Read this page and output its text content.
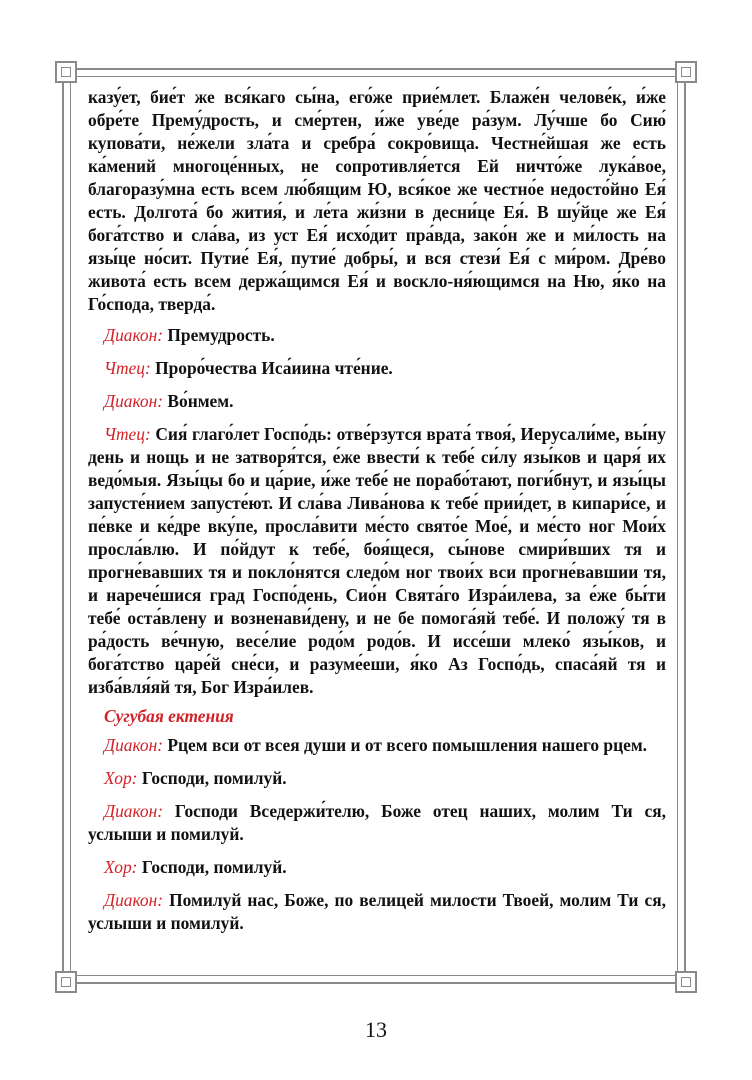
казу́ет, бие́т же вся́каго сы́на, его́же прие́млет. Блаже́н челове́к, и́же обре́те Прему́дрость, и сме́ртен, и́же уве́де ра́зум. Лу́чше бо Сию́ купова́ти, не́жели зла́та и сребра́ сокро́вища. Честне́йшая же есть ка́мений многоце́нных, не сопротивля́ется Ей ничто́же лука́вое, благоразу́мна есть всем лю́бящим Ю, вся́кое же честно́е недосто́йно Ея́ есть. Долгота́ бо жития́, и ле́та жи́зни в десни́це Ея́. В шу́йце же Ея́ бога́тство и сла́ва, из уст Ея́ исхо́дит пра́вда, зако́н же и ми́лость на язы́це но́сит. Путие́ Ея́, путие́ добры́, и вся стези́ Ея́ с ми́ром. Дре́во живота́ есть всем держа́щимся Ея́ и воскло-ня́ющимся на Ню, я́ко на Го́спода, тверда́.

Диакон: Премудрость.

Чтец: Проро́чества Иса́иина чте́ние.

Диакон: Во́нмем.

Чтец: Сия́ глаго́лет Госпо́дь: отве́рзутся врата́ твоя́, Иерусали́ме, вы́ну день и нощь и не затворя́тся, е́же ввести́ к тебе́ си́лу язы́ков и царя́ их ведо́мыя. Язы́цы бо и ца́рие, и́же тебе́ не порабо́тают, поги́бнут, и язы́цы запусте́нием запусте́ют. И сла́ва Лива́нова к тебе́ прии́дет, в кипари́се, и пе́вке и ке́дре вку́пе, просла́вити ме́сто свято́е Мое́, и ме́сто ног Мои́х просла́влю. И по́йдут к тебе́, боя́щеся, сы́нове смири́вших тя и прогне́вавших тя и покло́нятся следо́м ног твои́х вси прогне́вавшии тя, и нарече́шися град Госпо́день, Сио́н Свята́го Изра́илева, за е́же бы́ти тебе́ оста́влену и возненави́дену, и не бе помога́яй тебе́. И положу́ тя в ра́дость ве́чную, весе́лие родо́м родо́в. И иссе́ши млеко́ язы́ков, и бога́тство царе́й сне́си, и разуме́еши, я́ко Аз Госпо́дь, спаса́яй тя и изба́вля́яй тя, Бог Изра́илев.

Сугубая ектения

Диакон: Рцем вси от всея души и от всего помышления нашего рцем.

Хор: Господи, помилуй.

Диакон: Господи Вседержи́телю, Боже отец наших, молим Ти ся, услыши и помилуй.

Хор: Господи, помилуй.

Диакон: Помилуй нас, Боже, по велицей милости Твоей, молим Ти ся, услыши и помилуй.

13
